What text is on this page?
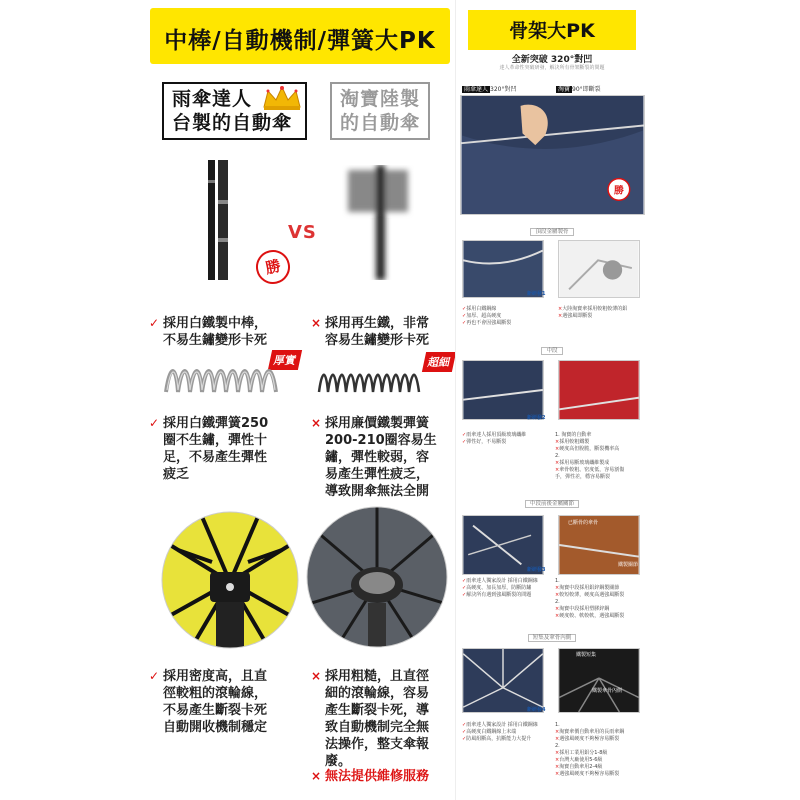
中棒/自動機制/彈簧大PK
雨傘達人
台製的自動傘
淘寶陸製
的自動傘
勝
VS
✓ 採用白鐵製中棒，
不易生鏽變形卡死
× 採用再生鐵，非常
容易生鏽變形卡死
厚實	超細
✓ 採用白鐵彈簧250
圈不生鏽，彈性十
足，不易產生彈性
疲乏
× 採用廉價鐵製彈簧
200-210圈容易生
鏽，彈性較弱，容
易產生彈性疲乏，
導致開傘無法全開
✓ 採用密度高，且直
徑較粗的滾輪線，
不易產生斷裂卡死
自動開收機制穩定
× 採用粗糙，且直徑
細的滾輪線，容易
產生斷裂卡死，導
致自動機制完全無
法操作，整支傘報
廢。
× 無法提供維修服務
骨架大PK
全新突破 320°對凹
達人革命性突破研發，解決所有骨架斷裂的問題
雨傘達人 320°對凹	淘寶 90°即斷裂
勝
頂段金屬製骨
新研發1
✓採用白鐵鋼線
✓加厚、超高硬度
✓再也不會因強風斷裂
×大陸淘寶傘採用較粗較薄的鋁
×遇強風即斷裂
中段
新研發2
✓雨傘達人採用頂級玻璃纖維
✓彈性好，不易斷裂
1. 淘寶的自動傘
×採用較粗鐵製
×硬度高但脫脆，斷裂機率高
2.
×採用易斷玻璃纖維製成
×傘骨較粗、密度低，容易割傷
手，彈性差，穩容易斷裂
中段前後金屬關節
已斷骨的傘骨
鐵製關節
新研發3
✓雨傘達人獨家設計 採用白鐵鋼線
✓高硬度、加長加厚，防斷防鏽
✓解決所有遇到強風斷裂的問題
1.
×淘寶中段採用鋁鋅鋼製關節
×較短較薄，硬度高遇強風斷裂
2.
×淘寶中段採用塑膠鋅鋼
×硬度較、軟較軟，遇強風斷裂
短集及傘骨內側
鐵製短集
鐵製傘骨內側
新研發4
✓雨傘達人獨家設計 採用白鐵鋼線
✓高硬度白鐵鋼線上末端
✓防風組斷高，抗斷能力大提升
1.
×淘寶傘價自動傘用的長雨傘鋼
×遇強風硬度不夠極容易斷裂
2.
×採用工業用鋁分1-8級
×台灣大廠使用5-6級
×淘寶自動傘用2-4級
×遇強風硬度不夠極容易斷裂
